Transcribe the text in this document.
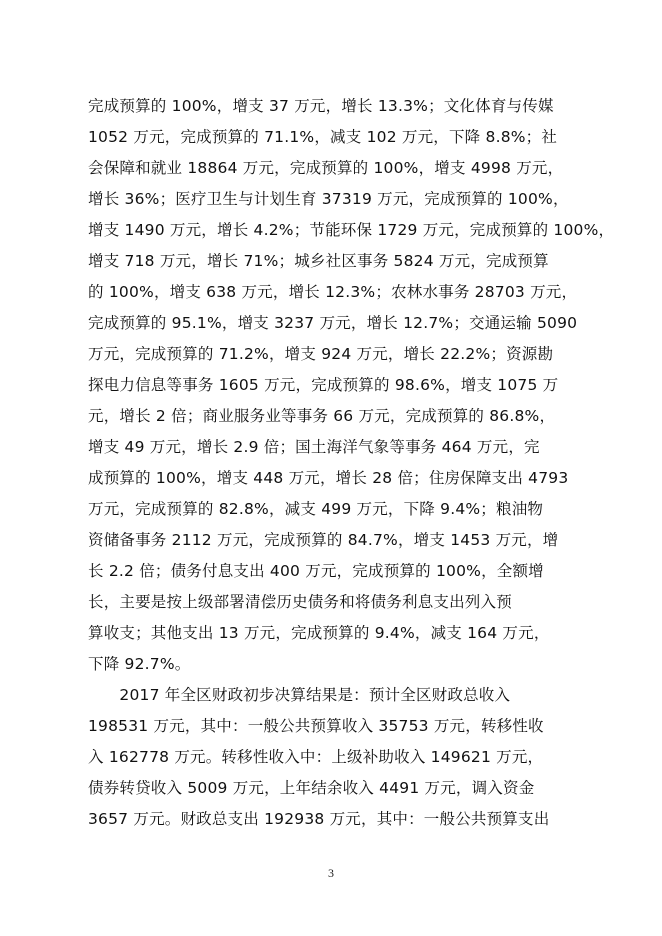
完成预算的 100%，增支 37 万元，增长 13.3%；文化体育与传媒
1052 万元，完成预算的 71.1%，减支 102 万元，下降 8.8%；社
会保障和就业 18864 万元，完成预算的 100%，增支 4998 万元，
增长 36%；医疗卫生与计划生育 37319 万元，完成预算的 100%，
增支 1490 万元，增长 4.2%；节能环保 1729 万元，完成预算的 100%，
增支 718 万元，增长 71%；城乡社区事务 5824 万元，完成预算
的 100%，增支 638 万元，增长 12.3%；农林水事务 28703 万元，
完成预算的 95.1%，增支 3237 万元，增长 12.7%；交通运输 5090
万元，完成预算的 71.2%，增支 924 万元，增长 22.2%；资源勘
探电力信息等事务 1605 万元，完成预算的 98.6%，增支 1075 万
元，增长 2 倍；商业服务业等事务 66 万元，完成预算的 86.8%，
增支 49 万元，增长 2.9 倍；国土海洋气象等事务 464 万元，完
成预算的 100%，增支 448 万元，增长 28 倍；住房保障支出 4793
万元，完成预算的 82.8%，减支 499 万元，下降 9.4%；粮油物
资储备事务 2112 万元，完成预算的 84.7%，增支 1453 万元，增
长 2.2 倍；债务付息支出 400 万元，完成预算的 100%，全额增
长，主要是按上级部署清偿历史债务和将债务利息支出列入预
算收支；其他支出 13 万元，完成预算的 9.4%，减支 164 万元，
下降 92.7%。
　　2017 年全区财政初步决算结果是：预计全区财政总收入
198531 万元，其中：一般公共预算收入 35753 万元，转移性收
入 162778 万元。转移性收入中：上级补助收入 149621 万元，
债券转贷收入 5009 万元，上年结余收入 4491 万元，调入资金
3657 万元。财政总支出 192938 万元，其中：一般公共预算支出
3
